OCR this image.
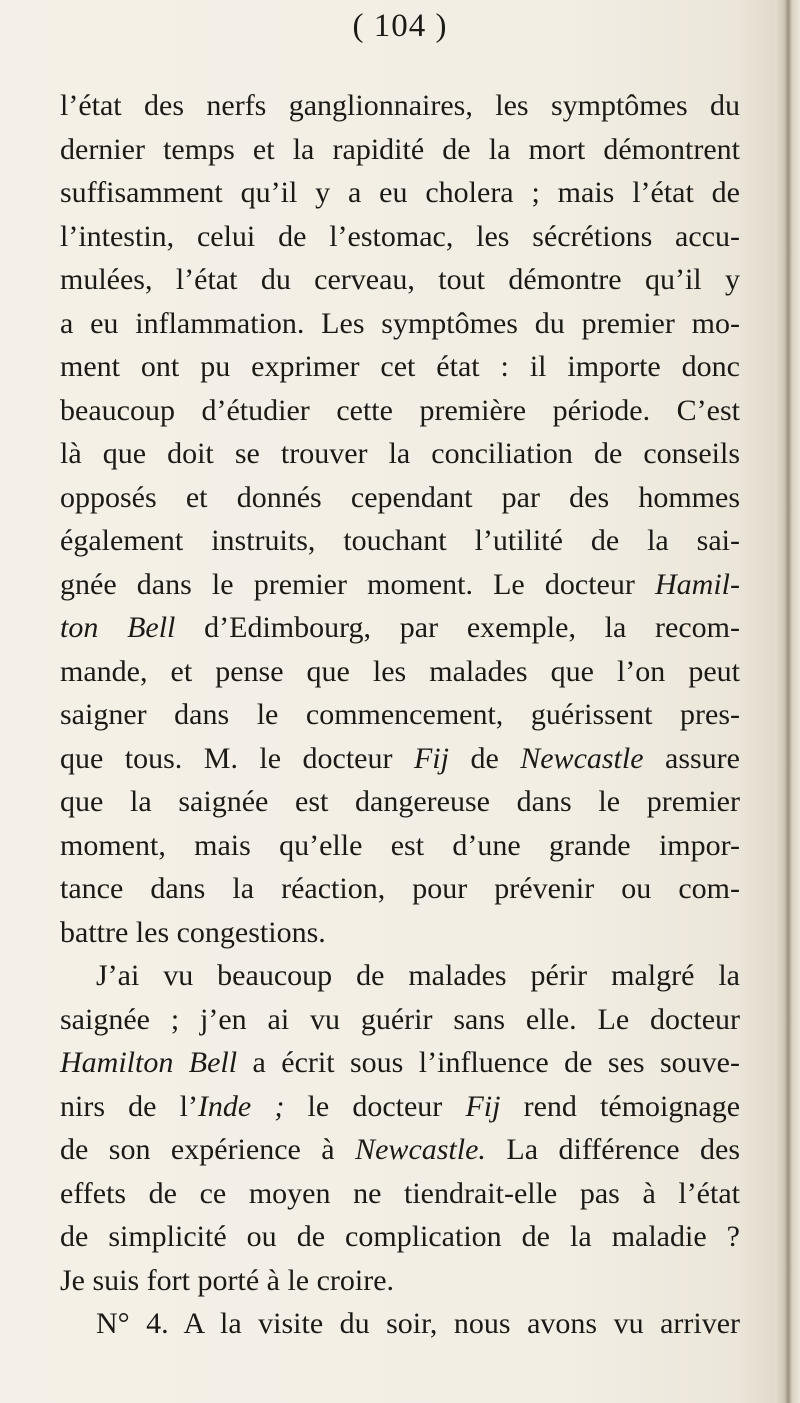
( 104 )
l’état des nerfs ganglionnaires, les symptômes du
dernier temps et la rapidité de la mort démontrent
suffisamment qu’il y a eu cholera ; mais l’état de
l’intestin, celui de l’estomac, les sécrétions accu-
mulées, l’état du cerveau, tout démontre qu’il y
a eu inflammation. Les symptômes du premier mo-
ment ont pu exprimer cet état : il importe donc
beaucoup d’étudier cette première période. C’est
là que doit se trouver la conciliation de conseils
opposés et donnés cependant par des hommes
également instruits, touchant l’utilité de la sai-
gnée dans le premier moment. Le docteur Hamil-
ton Bell d’Edimbourg, par exemple, la recom-
mande, et pense que les malades que l’on peut
saigner dans le commencement, guérissent pres-
que tous. M. le docteur Fij de Newcastle assure
que la saignée est dangereuse dans le premier
moment, mais qu’elle est d’une grande impor-
tance dans la réaction, pour prévenir ou com-
battre les congestions.
J’ai vu beaucoup de malades périr malgré la
saignée ; j’en ai vu guérir sans elle. Le docteur
Hamilton Bell a écrit sous l’influence de ses souve-
nirs de l’Inde ; le docteur Fij rend témoignage
de son expérience à Newcastle. La différence des
effets de ce moyen ne tiendrait-elle pas à l’état
de simplicité ou de complication de la maladie ?
Je suis fort porté à le croire.
N° 4. A la visite du soir, nous avons vu arriver
